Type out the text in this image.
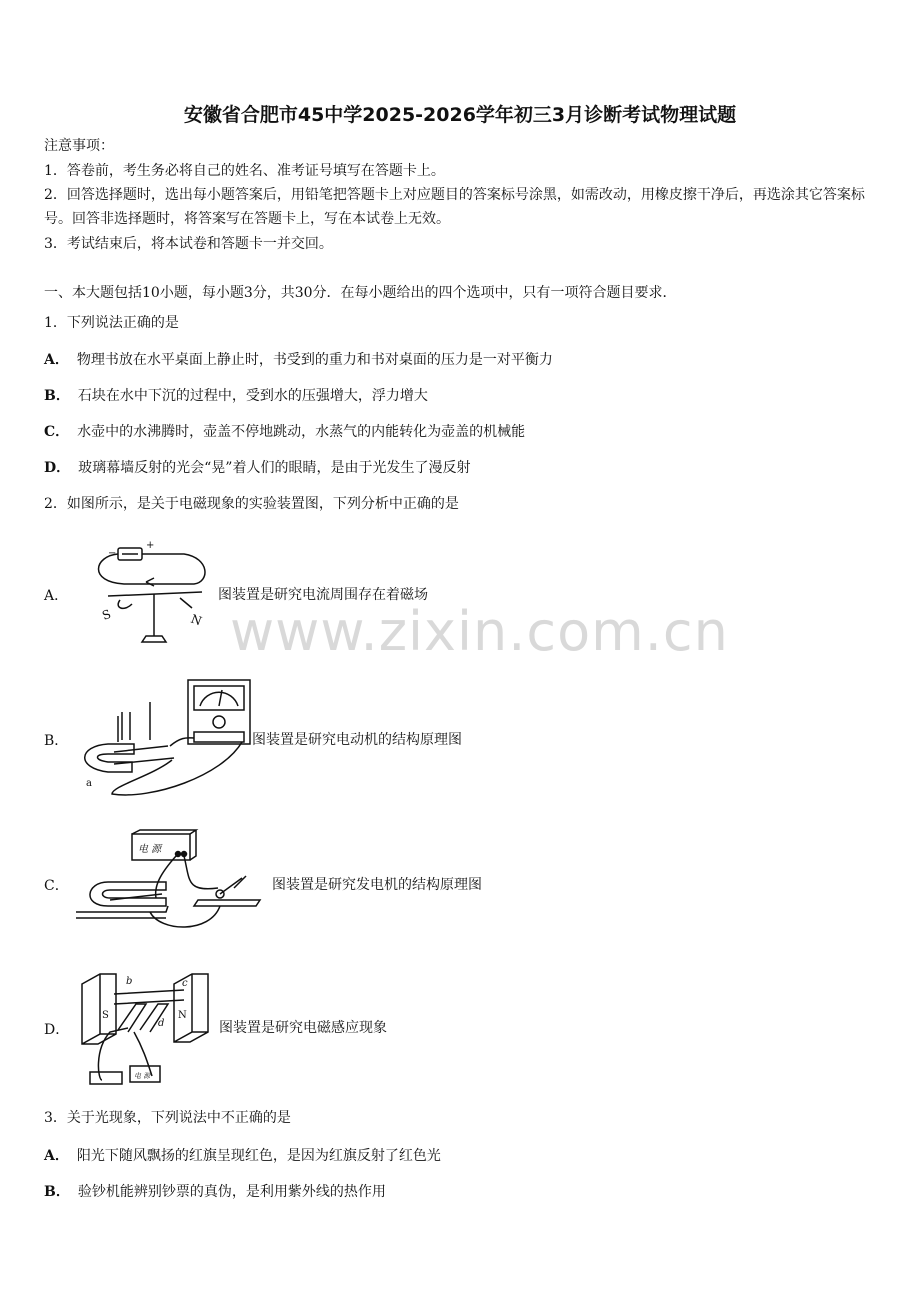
安徽省合肥市45中学2025-2026学年初三3月诊断考试物理试题
注意事项：
1．答卷前，考生务必将自己的姓名、准考证号填写在答题卡上。
2．回答选择题时，选出每小题答案后，用铅笔把答题卡上对应题目的答案标号涂黑，如需改动，用橡皮擦干净后，再选涂其它答案标号。回答非选择题时，将答案写在答题卡上，写在本试卷上无效。
3．考试结束后，将本试卷和答题卡一并交回。
一、本大题包括10小题，每小题3分，共30分．在每小题给出的四个选项中，只有一项符合题目要求．
1．下列说法正确的是
A． 物理书放在水平桌面上静止时，书受到的重力和书对桌面的压力是一对平衡力
B． 石块在水中下沉的过程中，受到水的压强增大，浮力增大
C． 水壶中的水沸腾时，壶盖不停地跳动，水蒸气的内能转化为壶盖的机械能
D． 玻璃幕墙反射的光会“晃”着人们的眼睛，是由于光发生了漫反射
2．如图所示，是关于电磁现象的实验装置图，下列分析中正确的是
A．
−
+
S	N
图装置是研究电流周围存在着磁场
B．
a
图装置是研究电动机的结构原理图
C．
电 源
图装置是研究发电机的结构原理图
D．
电 源
b	c
d
S	N
图装置是研究电磁感应现象
3．关于光现象，下列说法中不正确的是
A． 阳光下随风飘扬的红旗呈现红色，是因为红旗反射了红色光
B． 验钞机能辨别钞票的真伪，是利用紫外线的热作用
www.zixin.com.cn
